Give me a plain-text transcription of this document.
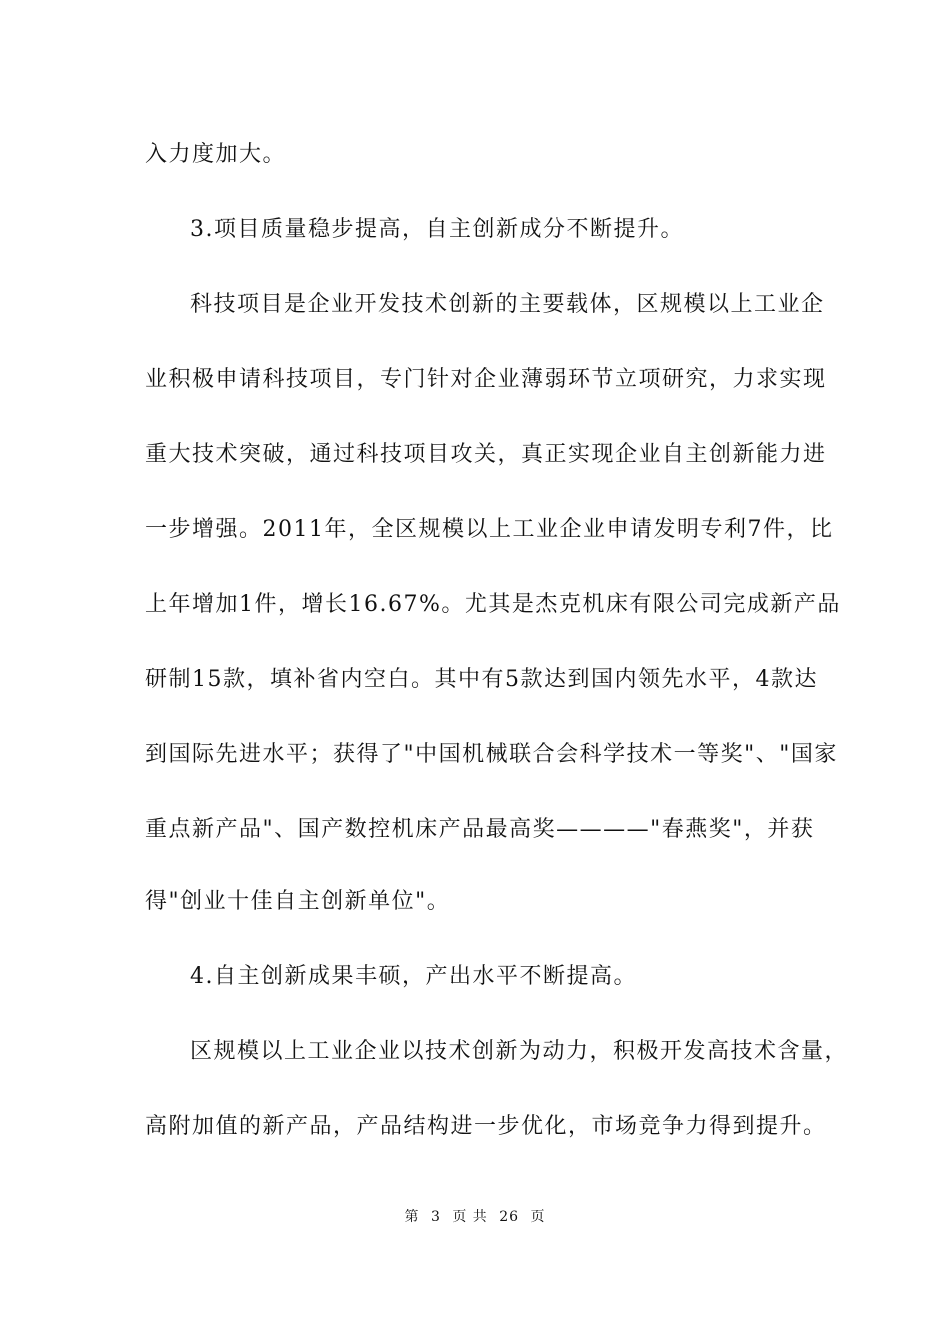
入力度加大。
3.项目质量稳步提高，自主创新成分不断提升。
科技项目是企业开发技术创新的主要载体，区规模以上工业企
业积极申请科技项目，专门针对企业薄弱环节立项研究，力求实现
重大技术突破，通过科技项目攻关，真正实现企业自主创新能力进
一步增强。2011年，全区规模以上工业企业申请发明专利7件，比
上年增加1件，增长16.67%。尤其是杰克机床有限公司完成新产品
研制15款，填补省内空白。其中有5款达到国内领先水平，4款达
到国际先进水平；获得了"中国机械联合会科学技术一等奖"、"国家
重点新产品"、国产数控机床产品最高奖————"春燕奖"，并获
得"创业十佳自主创新单位"。
4.自主创新成果丰硕，产出水平不断提高。
区规模以上工业企业以技术创新为动力，积极开发高技术含量，
高附加值的新产品，产品结构进一步优化，市场竞争力得到提升。
第 3 页 共 26 页
